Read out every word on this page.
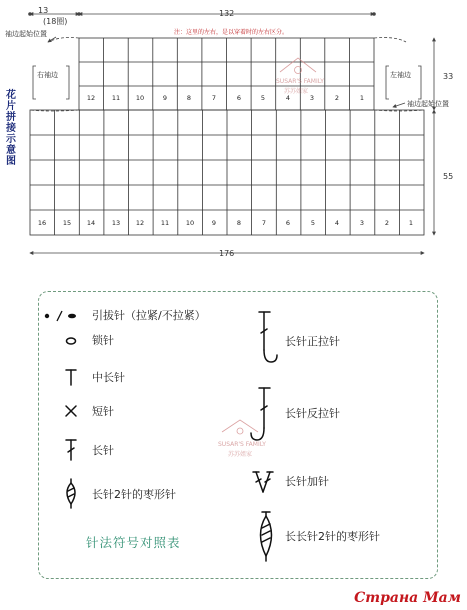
花片拼接示意图
13
(18圈)
132
33
55
176
注：这里的左右，是以穿着时的左右区分。
袖边起始位置
袖边起始位置
右袖边	左袖边
12	11	10	9	8	7	6	5	4	3	2	1
16	15	14	13	12	11	10	9	8	7	6	5	4	3	2	1
SUSAR'S FAMILY
苏苏姐家
引拔针（拉紧/不拉紧）
锁针
中长针
短针
长针
长针2针的枣形针
长针正拉针
长针反拉针
长针加针
长长针2针的枣形针
针法符号对照表
SUSAR'S FAMILY
苏苏姐家
Страна Мам
